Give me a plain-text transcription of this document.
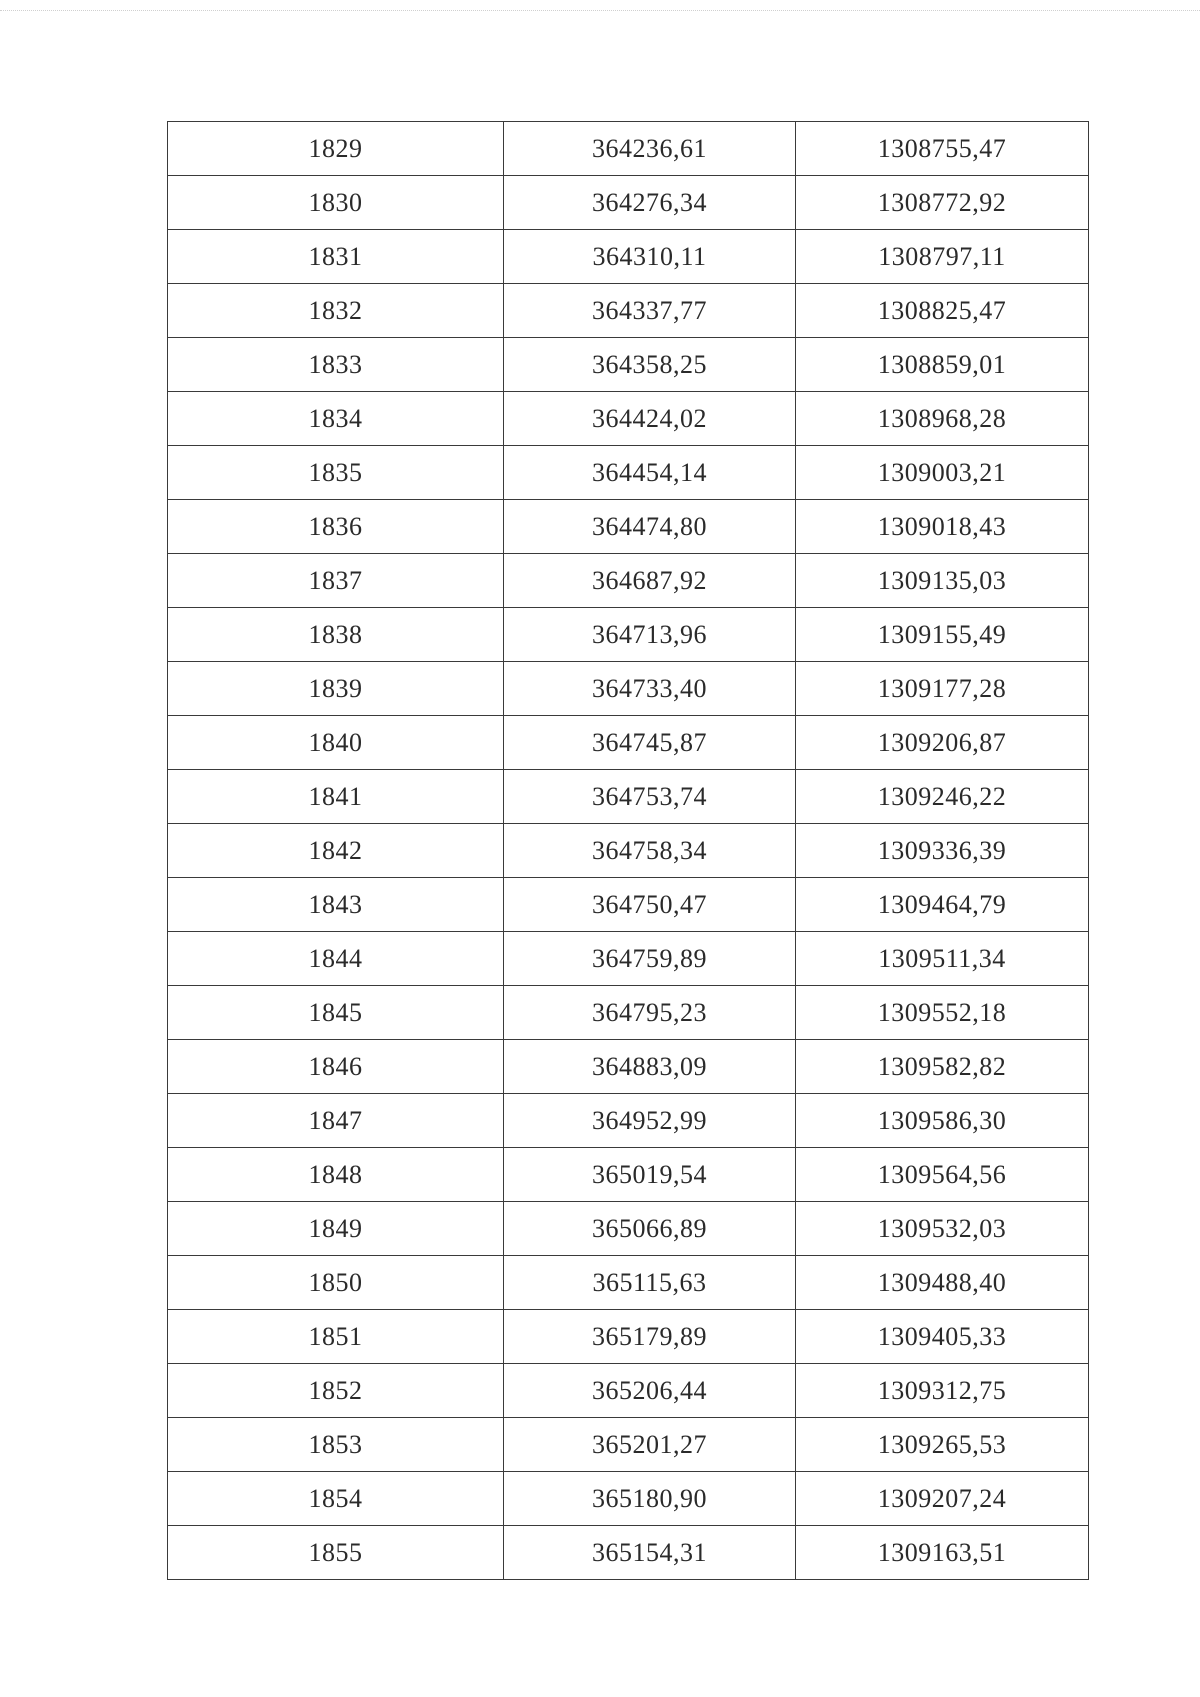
1829	364236,61	1308755,47
1830	364276,34	1308772,92
1831	364310,11	1308797,11
1832	364337,77	1308825,47
1833	364358,25	1308859,01
1834	364424,02	1308968,28
1835	364454,14	1309003,21
1836	364474,80	1309018,43
1837	364687,92	1309135,03
1838	364713,96	1309155,49
1839	364733,40	1309177,28
1840	364745,87	1309206,87
1841	364753,74	1309246,22
1842	364758,34	1309336,39
1843	364750,47	1309464,79
1844	364759,89	1309511,34
1845	364795,23	1309552,18
1846	364883,09	1309582,82
1847	364952,99	1309586,30
1848	365019,54	1309564,56
1849	365066,89	1309532,03
1850	365115,63	1309488,40
1851	365179,89	1309405,33
1852	365206,44	1309312,75
1853	365201,27	1309265,53
1854	365180,90	1309207,24
1855	365154,31	1309163,51
